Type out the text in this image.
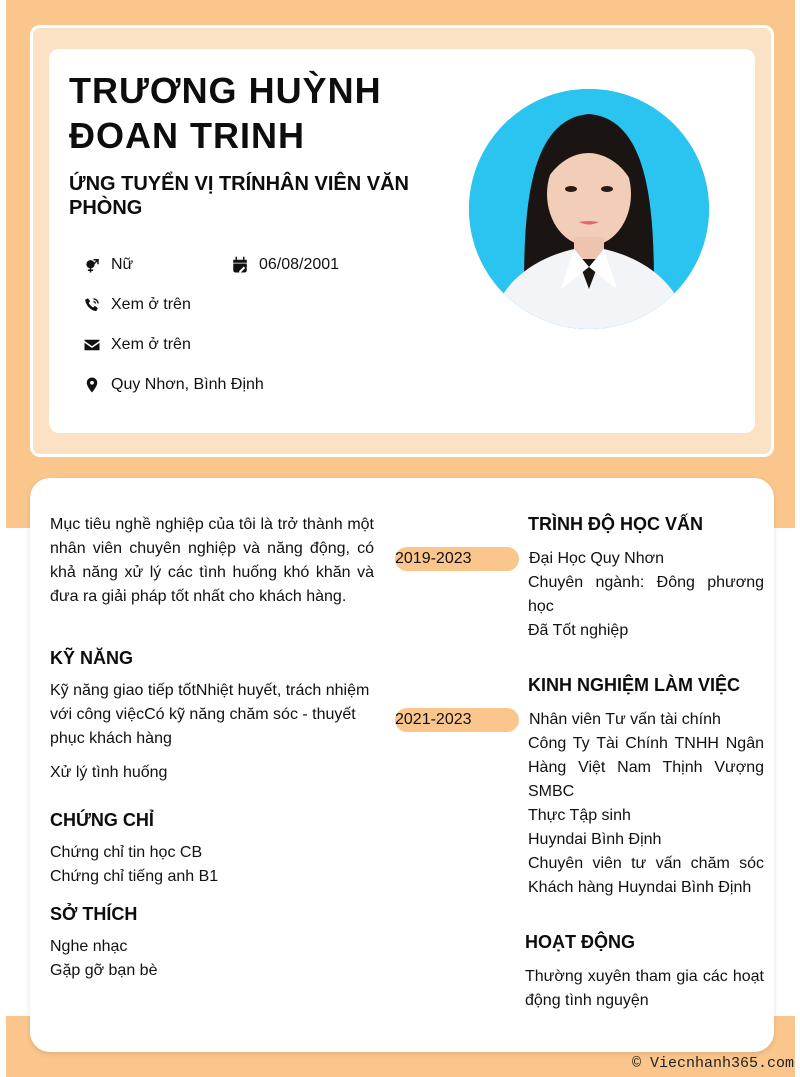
TRƯƠNG HUỲNH ĐOAN TRINH
ỨNG TUYỂN VỊ TRÍNHÂN VIÊN VĂN PHÒNG
Nữ	06/08/2001
Xem ở trên
Xem ở trên
Quy Nhơn, Bình Định
Mục tiêu nghề nghiệp của tôi là trở thành một nhân viên chuyên nghiệp và năng động, có khả năng xử lý các tình huống khó khăn và đưa ra giải pháp tốt nhất cho khách hàng.
KỸ NĂNG
Kỹ năng giao tiếp tốtNhiệt huyết, trách nhiệm với công việcCó kỹ năng chăm sóc - thuyết phục khách hàng
Xử lý tình huống
CHỨNG CHỈ
Chứng chỉ tin học CB
Chứng chỉ tiếng anh B1
SỞ THÍCH
Nghe nhạc
Gặp gỡ bạn bè
TRÌNH ĐỘ HỌC VẤN
2019-2023	Đại Học Quy Nhơn
Chuyên ngành: Đông phương học
Đã Tốt nghiệp
KINH NGHIỆM LÀM VIỆC
2021-2023	Nhân viên Tư vấn tài chính
Công Ty Tài Chính TNHH Ngân Hàng Việt Nam Thịnh Vượng SMBC
Thực Tập sinh
Huyndai Bình Định
Chuyên viên tư vấn chăm sóc Khách hàng Huyndai Bình Định
HOẠT ĐỘNG
Thường xuyên tham gia các hoạt động tình nguyện
© Viecnhanh365.com
